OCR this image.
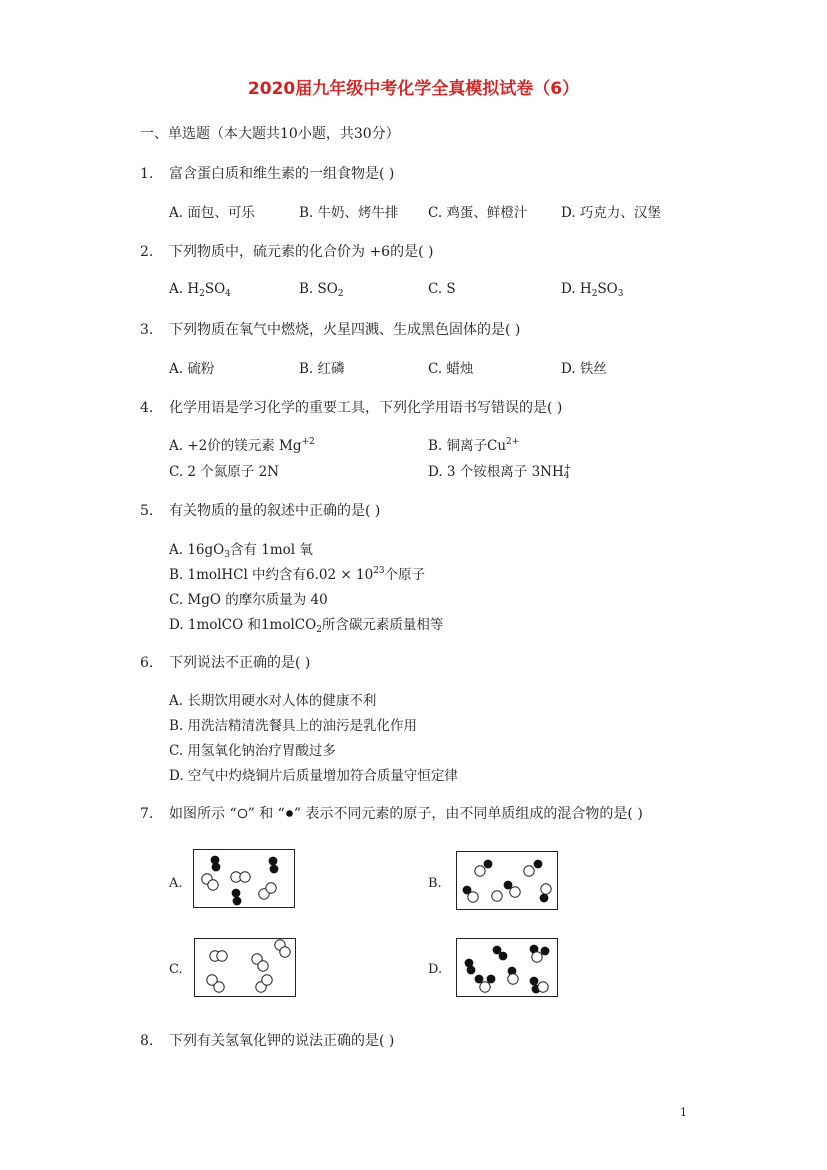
2020届九年级中考化学全真模拟试卷（6）
一、单选题（本大题共10小题，共30分）
1. 富含蛋白质和维生素的一组食物是( )
A. 面包、可乐	B. 牛奶、烤牛排 C. 鸡蛋、鲜橙汁 D. 巧克力、汉堡
2. 下列物质中，硫元素的化合价为 +6的是( )
A. $H_2SO_4$	B. $SO_2$	C. S	D. $H_2SO_3$
3. 下列物质在氧气中燃烧，火星四溅、生成黑色固体的是( )
A. 硫粉	B. 红磷	C. 蜡烛	D. 铁丝
4. 化学用语是学习化学的重要工具，下列化学用语书写错误的是( )
A. +2价的镁元素 $Mg^{+2}$	B. 铜离子$Cu^{2+}$
C. 2 个氮原子 2N	D. 3 个铵根离子 3NH +
4
5. 有关物质的量的叙述中正确的是( )
A. $16gO_3$含有 1mol 氧
B. 1molHCl 中约含有$6.02 \times 10^{23}$个原子
C. MgO 的摩尔质量为 40
D. 1molCO 和1molCO$_2$所含碳元素质量相等
6. 下列说法不正确的是( )
A. 长期饮用硬水对人体的健康不利
B. 用洗洁精清洗餐具上的油污是乳化作用
C. 用氢氧化钠治疗胃酸过多
D. 空气中灼烧铜片后质量增加符合质量守恒定律
7. 如图所示 “ ” 和 “ ” 表示不同元素的原子，由不同单质组成的混合物的是( )
A.	B.
C.	D.
8. 下列有关氢氧化钾的说法正确的是( )
1
